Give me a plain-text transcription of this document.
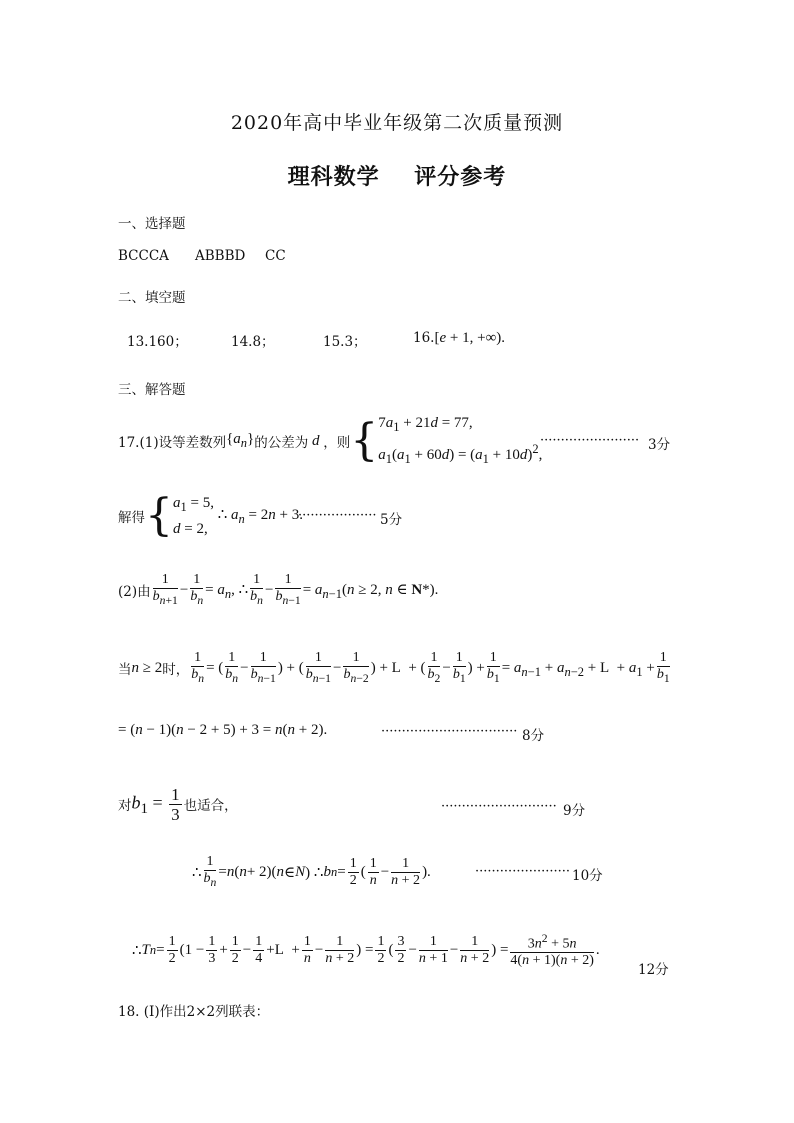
2020年高中毕业年级第二次质量预测
理科数学    评分参考
一、选择题
BCCCA ABBBD CC
二、填空题
13.160；	14.8；	15.3；	16.[e + 1, +∞).
三、解答题
17.(1)设等差数列 $\{a_n\}$ 的公差为 d ，则 { $7a_1 + 21d = 77$,
$a_1(a_1 + 60d) = (a_1 + 10d)^2$,
························ 3分
解得 { $a_1 = 5$,
d = 2,
∴ $a_n = 2n + 3$.
··················· 5分
(2)由 $\frac{1}{b_{n+1}} - \frac{1}{b_n} = a_n$, ∴ $\frac{1}{b_n} - \frac{1}{b_{n-1}} = a_{n-1}(n \ge 2$, n ∈ N*).
当 n ≥ 2 时， $\frac{1}{b_n}$ = ( $\frac{1}{b_n} - \frac{1}{b_{n-1}}$ ) + ( $\frac{1}{b_{n-1}} - \frac{1}{b_{n-2}}$ ) + L  + ( $\frac{1}{b_2} - \frac{1}{b_1}$ ) + $\frac{1}{b_1} = a_{n-1} + a_{n-2} + L + a_1 + \frac{1}{b_1}$
= (n − 1)(n − 2 + 5) + 3 = n(n + 2).	································· 8分
对 $b_1 = \frac{1}{3}$ 也适合，	···························· 9分
∴ $\frac{1}{b_n} = n$ ( n + 2)( n ∈ N ) ∴ b $n = \frac{1}{2}$ ( $\frac{1}{n} - \frac{1}{n + 2}$ ).	······················· 10分
∴ T $n = \frac{1}{2} (1 - \frac{1}{3} + \frac{1}{2} - \frac{1}{4} +L + \frac{1}{n} - \frac{1}{n + 2}$ ) = $\frac{1}{2}$ ( $\frac{3}{2} - \frac{1}{n + 1} - \frac{1}{n + 2}$ ) = $\frac{3n^2 + 5n}{4(n + 1)(n + 2)}$ .
12分
18. (I)作出2×2列联表：
